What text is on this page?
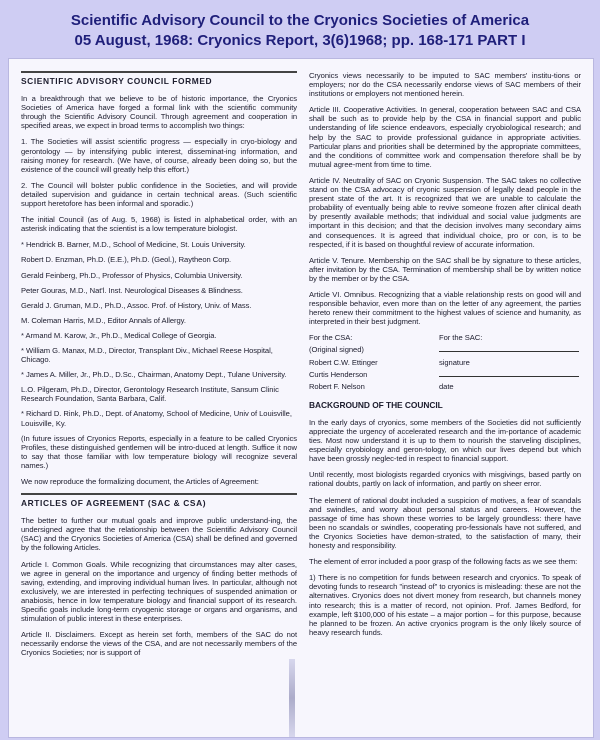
Scientific Advisory Council to the Cryonics Societies of America
05 August, 1968: Cryonics Report, 3(6)1968; pp. 168-171 PART I
SCIENTIFIC ADVISORY COUNCIL FORMED

In a breakthrough that we believe to be of historic importance, the Cryonics Societies of America have forged a formal link with the scientific community through the Scientific Advisory Council. Through agreement and cooperation in specified areas, we expect in broad terms to accomplish two things:

1. The Societies will assist scientific progress — especially in cryo-biology and gerontology — by intensifying public interest, disseminat-ing information, and raising money for research. (We have, of course, already been doing so, but the existence of the council will greatly help this effort.)

2. The Council will bolster public confidence in the Societies, and will provide detailed supervision and guidance in certain technical areas. (Such scientific support heretofore has been informal and sporadic.)

The initial Council (as of Aug. 5, 1968) is listed in alphabetical order, with an asterisk indicating that the scientist is a low temperature biologist.

* Hendrick B. Barner, M.D., School of Medicine, St. Louis University.
Robert D. Enzman, Ph.D. (E.E.), Ph.D. (Geol.), Raytheon Corp.
Gerald Feinberg, Ph.D., Professor of Physics, Columbia University.
Peter Gouras, M.D., Nat'l. Inst. Neurological Diseases & Blindness.
Gerald J. Gruman, M.D., Ph.D., Assoc. Prof. of History, Univ. of Mass.
M. Coleman Harris, M.D., Editor Annals of Allergy.
* Armand M. Karow, Jr., Ph.D., Medical College of Georgia.
* William G. Manax, M.D., Director, Transplant Div., Michael Reese Hospital, Chicago.
* James A. Miller, Jr., Ph.D., D.Sc., Chairman, Anatomy Dept., Tulane University.
L.O. Pilgeram, Ph.D., Director, Gerontology Research Institute, Sansum Clinic Research Foundation, Santa Barbara, Calif.
* Richard D. Rink, Ph.D., Dept. of Anatomy, School of Medicine, Univ of Louisville, Louisville, Ky.

(In future issues of Cryonics Reports, especially in a feature to be called Cryonics Profiles, these distinguished gentlemen will be intro-duced at length. Suffice it now to say that those familiar with low temperature biology will recognize several names.)

We now reproduce the formalizing document, the Articles of Agreement:

ARTICLES OF AGREEMENT (SAC & CSA)

The better to further our mutual goals and improve public understand-ing, the undersigned agree that the relationship between the Scientific Advisory Council (SAC) and the Cryonics Societies of America (CSA) shall be defined and governed by the following Articles.

Article I. Common Goals. While recognizing that circumstances may alter cases, we agree in general on the importance and urgency of finding better methods of saving, extending, and improving individual human lives. In particular, although not exclusively, we are interested in perfecting techniques of suspended animation or anabiosis, hence in low temperature biology and financial support of its research. Specific goals include long-term cryogenic storage or organs and organisms, and stimulation of public interest in these enterprises.

Article II. Disclaimers. Except as herein set forth, members of the SAC do not necessarily endorse the views of the CSA, and are not necessarily members of the Cryonics Societies; nor is support of

Cryonics views necessarily to be imputed to SAC members' institu-tions or employers; nor do the CSA necessarily endorse views of SAC members of their institutions or employers not mentioned herein.

Article III. Cooperative Activities. In general, cooperation between SAC and CSA shall be such as to provide help by the CSA in financial support and public understanding of life science endeavors, especially cryobiological research; and help by the SAC to provide professional guidance in appropriate activities. Particular plans and priorities shall be determined by the appropriate committees, and the conditions of committee work and compensation therefore shall be by mutual agree-ment from time to time.

Article IV. Neutrality of SAC on Cryonic Suspension. The SAC takes no collective stand on the CSA advocacy of cryonic suspension of legally dead people in the present state of the art. It is recognized that we are unable to calculate the probability of eventually being able to revive someone frozen after clinical death by presently available methods; that individual and social value judgments are important in this decision; and that the decision involves many secondary aims and consequences. It is agreed that individual choice, pro or con, is to be respected, if it is based on thoughtful review of accurate information.

Article V. Tenure. Membership on the SAC shall be by signature to these articles, after invitation by the CSA. Termination of membership shall be by written notice by the member or by the CSA.

Article VI. Omnibus. Recognizing that a viable relationship rests on good will and responsible behavior, even more than on the letter of any agreement, the parties hereto renew their commitment to the highest values of science and humanity, as interpreted in their best judgment.

For the CSA:	For the SAC:
(Original signed)
Robert C.W. Ettinger	signature
Curtis Henderson
Robert F. Nelson	date
BACKGROUND OF THE COUNCIL

In the early days of cryonics, some members of the Societies did not sufficiently appreciate the urgency of accelerated research and the im-portance of academic ties. Most now understand it is up to them to nourish the starveling disciplines, especially cryobiology and geron-tology, on which our lives depend but which have been grossly neglec-ted in respect to financial support.

Until recently, most biologists regarded cryonics with misgivings, based partly on rational doubts, partly on lack of information, and partly on sheer error.

The element of rational doubt included a suspicion of motives, a fear of scandals and swindles, and worry about personal status and careers. However, the passage of time has shown these worries to be largely groundless: there have been no scandals or swindles, cooperating pro-fessionals have not suffered, and the Cryonics Societies have demon-strated, to the satisfaction of many, their honesty and responsibility.

The element of error included a poor grasp of the following facts as we see them:

1) There is no competition for funds between research and cryonics. To speak of devoting funds to research "instead of" to cryonics is misleading: these are not the alternatives. Cryonics does not divert money from research, but channels money into research; this is a matter of record, not opinion. Prof. James Bedford, for example, left $100,000 of his estate – a major portion – for this purpose, because he planned to be frozen. An active cryonics program is the only likely source of heavy research funds.
